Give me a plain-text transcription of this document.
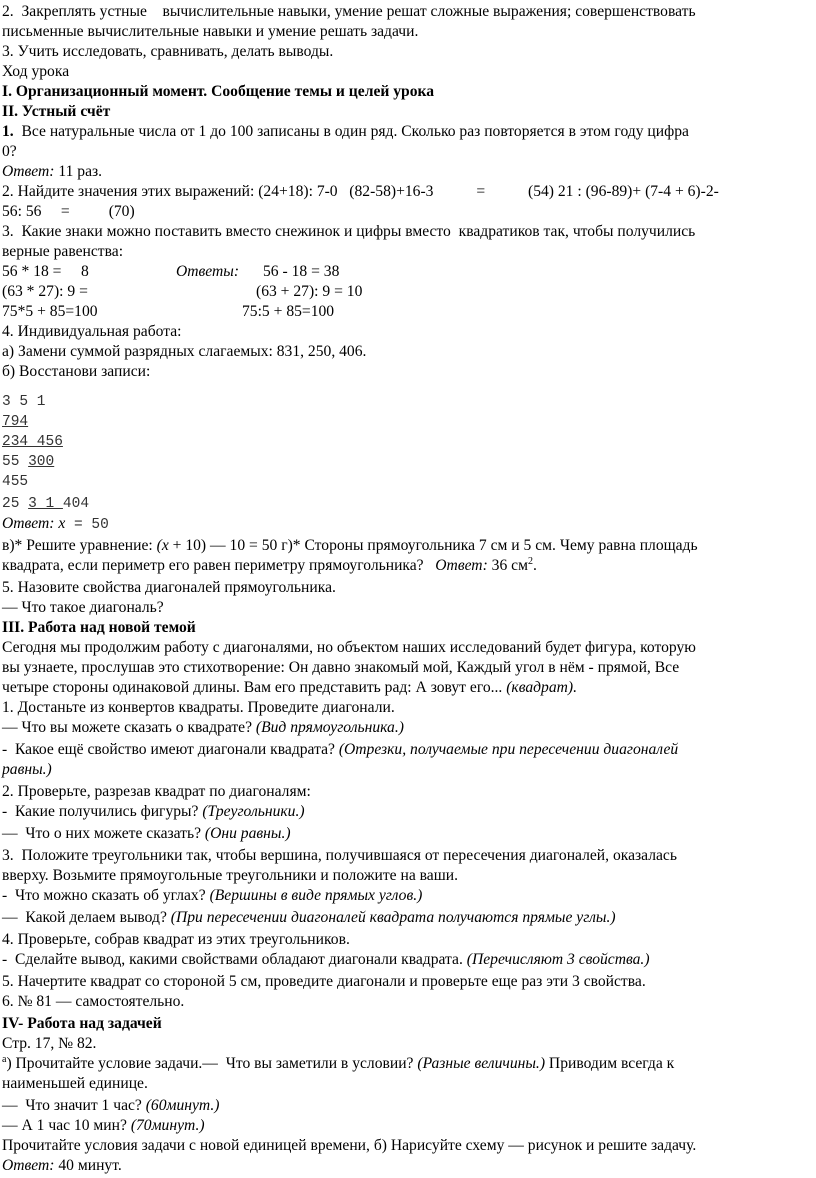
2.  Закреплять устные    вычислительные навыки, умение решат сложные выражения; совершенствовать
письменные вычислительные навыки и умение решать задачи.
3. Учить исследовать, сравнивать, делать выводы.
Ход урока
I. Организационный момент. Сообщение темы и целей урока
II. Устный счёт
1.  Все натуральные числа от 1 до 100 записаны в один ряд. Сколько раз повторяется в этом году цифра
0?
Ответ: 11 раз.
2. Найдите значения этих выражений: (24+18): 7-0   (82-58)+16-3           =           (54) 21 : (96-89)+ (7-4 + 6)-2-
56: 56     =          (70)
3.  Какие знаки можно поставить вместо снежинок и цифры вместо  квадратиков так, чтобы получились
верные равенства:
56 * 18 =     8	Ответы: 56 - 18 = 38
(63 * 27): 9 =	(63 + 27): 9 = 10
75*5 + 85=100	75:5 + 85=100
4. Индивидуальная работа:
а) Замени суммой разрядных слагаемых: 831, 250, 406.
б) Восстанови записи:
3 5 1
794
234 456
55 300
455
25 3 1 404
Ответ: x = 50
в)* Решите уравнение: (x + 10) — 10 = 50 г)* Стороны прямоугольника 7 см и 5 см. Чему равна площадь
квадрата, если периметр его равен периметру прямоугольника?   Ответ: 36 $см^2$.
5. Назовите свойства диагоналей прямоугольника.
— Что такое диагональ?
III. Работа над новой темой
Сегодня мы продолжим работу с диагоналями, но объектом наших исследований будет фигура, которую
вы узнаете, прослушав это стихотворение: Он давно знакомый мой, Каждый угол в нём - прямой, Все
четыре стороны одинаковой длины. Вам его представить рад: А зовут его... (квадрат).
1. Достаньте из конвертов квадраты. Проведите диагонали.
— Что вы можете сказать о квадрате? (Вид прямоугольника.)
-  Какое ещё свойство имеют диагонали квадрата? (Отрезки, получаемые при пересечении диагоналей
равны.)
2. Проверьте, разрезав квадрат по диагоналям:
-  Какие получились фигуры? (Треугольники.)
—  Что о них можете сказать? (Они равны.)
3.  Положите треугольники так, чтобы вершина, получившаяся от пересечения диагоналей, оказалась
вверху. Возьмите прямоугольные треугольники и положите на ваши.
-  Что можно сказать об углах? (Вершины в виде прямых углов.)
—  Какой делаем вывод? (При пересечении диагоналей квадрата получаются прямые углы.)
4. Проверьте, собрав квадрат из этих треугольников.
-  Сделайте вывод, какими свойствами обладают диагонали квадрата. (Перечисляют 3 свойства.)
5. Начертите квадрат со стороной 5 см, проведите диагонали и проверьте еще раз эти 3 свойства.
6. № 81 — самостоятельно.
IV- Работа над задачей
Стр. 17, № 82.
$^а$) Прочитайте условие задачи.—  Что вы заметили в условии? (Разные величины.) Приводим всегда к
наименьшей единице.
—  Что значит 1 час? (60минут.)
— А 1 час 10 мин? (70минут.)
Прочитайте условия задачи с новой единицей времени, б) Нарисуйте схему — рисунок и решите задачу.
Ответ: 40 минут.
